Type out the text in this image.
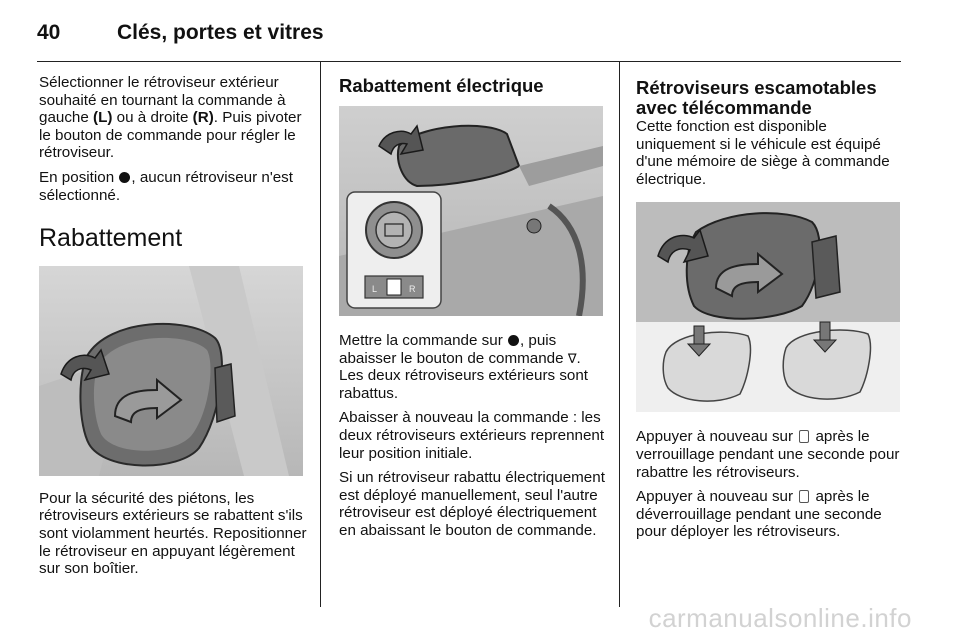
40	Clés, portes et vitres

Sélectionner le rétroviseur extérieur souhaité en tournant la commande à gauche (L) ou à droite (R). Puis pivoter le bouton de commande pour régler le rétroviseur.

En position , aucun rétroviseur n'est sélectionné.

Rabattement

Pour la sécurité des piétons, les rétroviseurs extérieurs se rabattent s'ils sont violamment heurtés. Repositionner le rétroviseur en appuyant légèrement sur son boîtier.

Rabattement électrique
L	R

Mettre la commande sur , puis abaisser le bouton de commande ∇. Les deux rétroviseurs extérieurs sont rabattus.

Abaisser à nouveau la commande : les deux rétroviseurs extérieurs reprennent leur position initiale.

Si un rétroviseur rabattu électriquement est déployé manuellement, seul l'autre rétroviseur est déployé électriquement en abaissant le bouton de commande.

Rétroviseurs escamotables
avec télécommande

Cette fonction est disponible uniquement si le véhicule est équipé d'une mémoire de siège à commande électrique.

Appuyer à nouveau sur  après le verrouillage pendant une seconde pour rabattre les rétroviseurs.

Appuyer à nouveau sur  après le déverrouillage pendant une seconde pour déployer les rétroviseurs.

carmanualsonline.info
